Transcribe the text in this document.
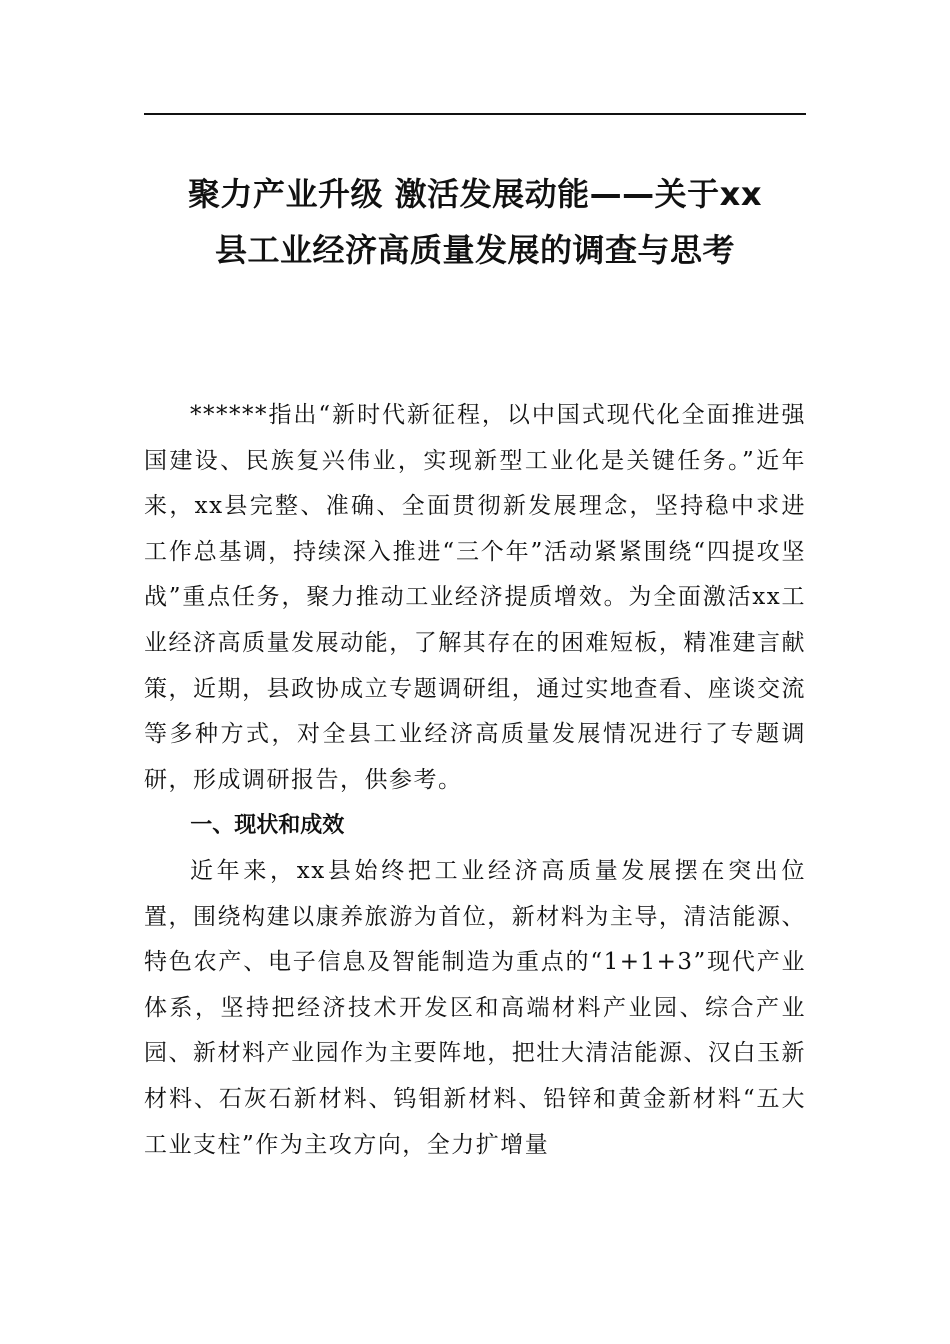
聚力产业升级 激活发展动能——关于xx
县工业经济高质量发展的调查与思考

******指出“新时代新征程，以中国式现代化全面推进强国建设、民族复兴伟业，实现新型工业化是关键任务。”近年来，xx县完整、准确、全面贯彻新发展理念，坚持稳中求进工作总基调，持续深入推进“三个年”活动紧紧围绕“四提攻坚战”重点任务，聚力推动工业经济提质增效。为全面激活xx工业经济高质量发展动能，了解其存在的困难短板，精准建言献策，近期，县政协成立专题调研组，通过实地查看、座谈交流等多种方式，对全县工业经济高质量发展情况进行了专题调研，形成调研报告，供参考。

一、现状和成效

近年来，xx县始终把工业经济高质量发展摆在突出位置，围绕构建以康养旅游为首位，新材料为主导，清洁能源、特色农产、电子信息及智能制造为重点的“1+1+3”现代产业体系，坚持把经济技术开发区和高端材料产业园、综合产业园、新材料产业园作为主要阵地，把壮大清洁能源、汉白玉新材料、石灰石新材料、钨钼新材料、铅锌和黄金新材料“五大工业支柱”作为主攻方向，全力扩增量
